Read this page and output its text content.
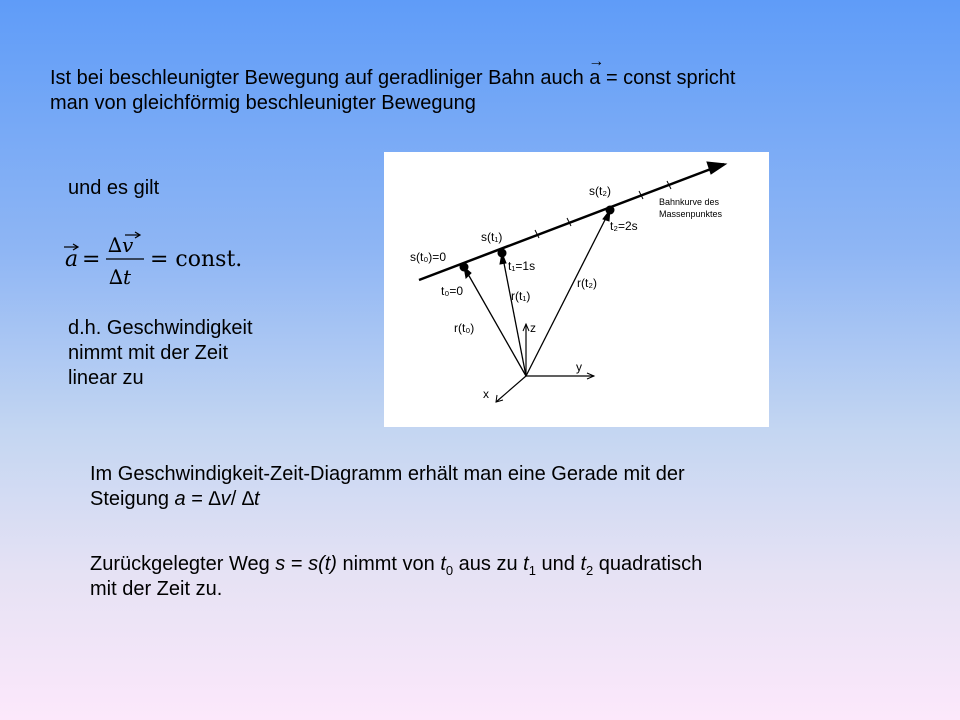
Ist bei beschleunigter Bewegung auf geradliniger Bahn auch
→
a = const spricht
man von gleichförmig beschleunigter Bewegung
und es gilt
a =
∆v
∆t
= const.
d.h. Geschwindigkeit
nimmt mit der Zeit
linear zu
Bahnkurve des
Massenpunktes
s(t₀)=0
s(t₁)
s(t₂)
t₀=0
t₁=1s
t₂=2s
r(t₀)
r(t₁)
r(t₂)
z
y
x
Im Geschwindigkeit-Zeit-Diagramm erhält man eine Gerade mit der
Steigung a = ∆v/ ∆t
Zurückgelegter Weg s = s(t) nimmt von $t_0$ aus zu $t_1$ und $t_2$ quadratisch
mit der Zeit zu.
